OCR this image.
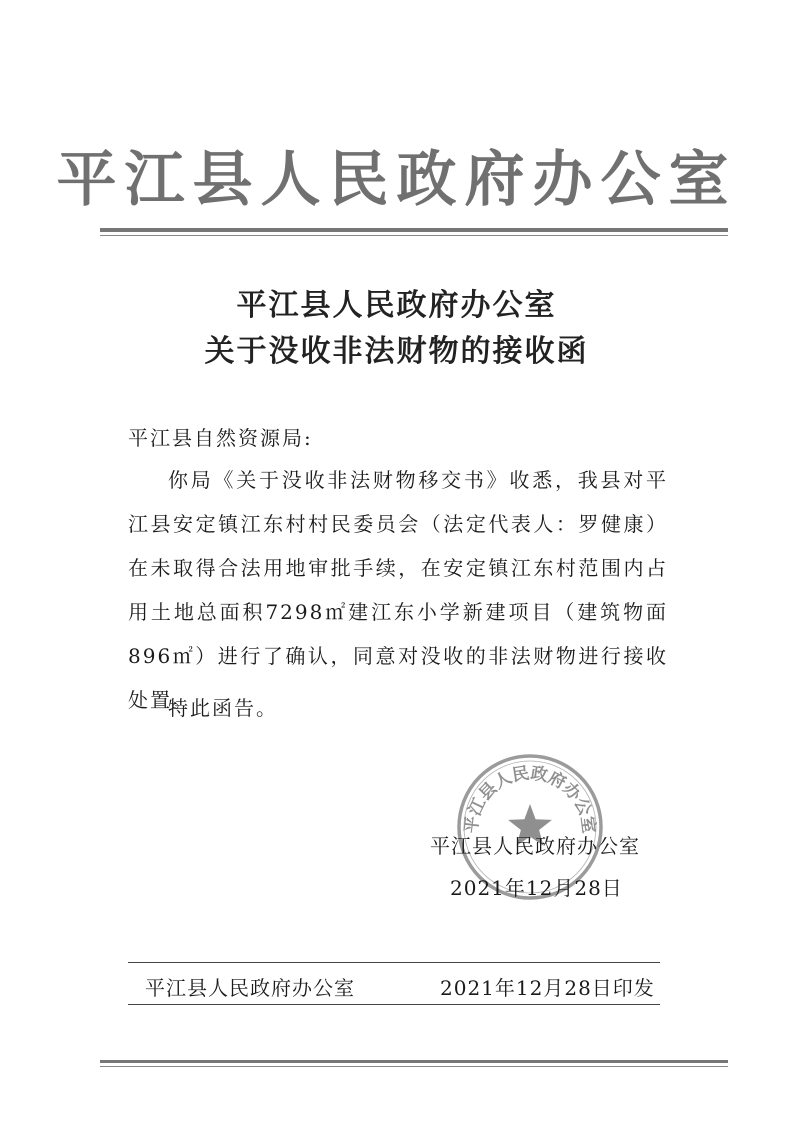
平江县人民政府办公室
平江县人民政府办公室
关于没收非法财物的接收函
平江县自然资源局:
你局《关于没收非法财物移交书》收悉，我县对平江县安定镇江东村村民委员会（法定代表人：罗健康）在未取得合法用地审批手续，在安定镇江东村范围内占用土地总面积7298㎡建江东小学新建项目（建筑物面896㎡）进行了确认，同意对没收的非法财物进行接收处置。
特此函告。
平江县人民政府办公室
平江县人民政府办公室
2021年12月28日
平江县人民政府办公室	2021年12月28日印发
